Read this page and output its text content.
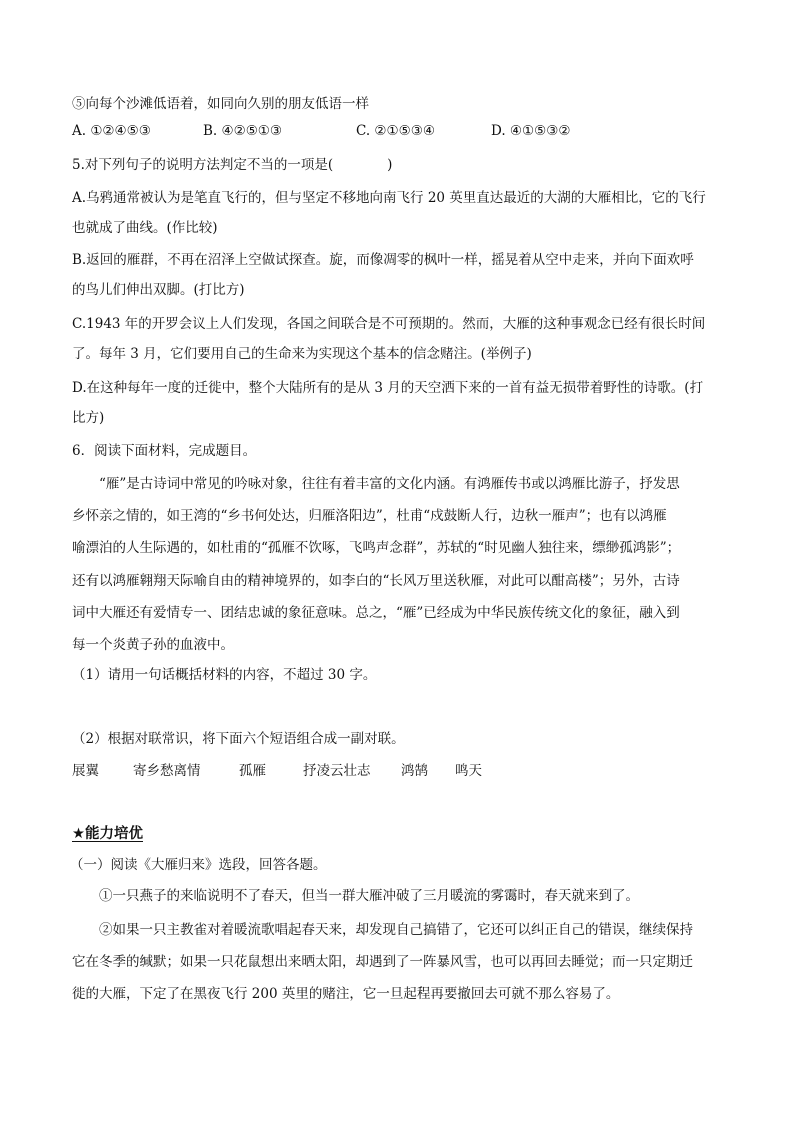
⑤向每个沙滩低语着，如同向久别的朋友低语一样
A. ①②④⑤③	B. ④②⑤①③	C. ②①⑤③④	D. ④①⑤③②
5.对下列句子的说明方法判定不当的一项是(　　　　)
A.乌鸦通常被认为是笔直飞行的，但与坚定不移地向南飞行 20 英里直达最近的大湖的大雁相比，它的飞行
也就成了曲线。(作比较)
B.返回的雁群，不再在沼泽上空做试探查。旋，而像凋零的枫叶一样，摇晃着从空中走来，并向下面欢呼
的鸟儿们伸出双脚。(打比方)
C.1943 年的开罗会议上人们发现，各国之间联合是不可预期的。然而，大雁的这种事观念已经有很长时间
了。每年 3 月，它们要用自己的生命来为实现这个基本的信念赌注。(举例子)
D.在这种每年一度的迁徙中，整个大陆所有的是从 3 月的天空洒下来的一首有益无损带着野性的诗歌。(打
比方)
6．阅读下面材料，完成题目。
“雁”是古诗词中常见的吟咏对象，往往有着丰富的文化内涵。有鸿雁传书或以鸿雁比游子，抒发思
乡怀亲之情的，如王湾的“乡书何处达，归雁洛阳边”，杜甫“戍鼓断人行，边秋一雁声”；也有以鸿雁
喻漂泊的人生际遇的，如杜甫的“孤雁不饮啄，飞鸣声念群”，苏轼的“时见幽人独往来，缥缈孤鸿影”；
还有以鸿雁翱翔天际喻自由的精神境界的，如李白的“长风万里送秋雁，对此可以酣高楼”；另外，古诗
词中大雁还有爱情专一、团结忠诚的象征意味。总之，“雁”已经成为中华民族传统文化的象征，融入到
每一个炎黄子孙的血液中。
（1）请用一句话概括材料的内容，不超过 30 字。
（2）根据对联常识，将下面六个短语组合成一副对联。
展翼	寄乡愁离情	孤雁	抒凌云壮志 鸿鹄 鸣天
★能力培优
（一）阅读《大雁归来》选段，回答各题。
①一只燕子的来临说明不了春天，但当一群大雁冲破了三月暖流的雾霭时，春天就来到了。
②如果一只主教雀对着暖流歌唱起春天来，却发现自己搞错了，它还可以纠正自己的错误，继续保持
它在冬季的缄默；如果一只花鼠想出来晒太阳，却遇到了一阵暴风雪，也可以再回去睡觉；而一只定期迁
徙的大雁，下定了在黑夜飞行 200 英里的赌注，它一旦起程再要撤回去可就不那么容易了。
